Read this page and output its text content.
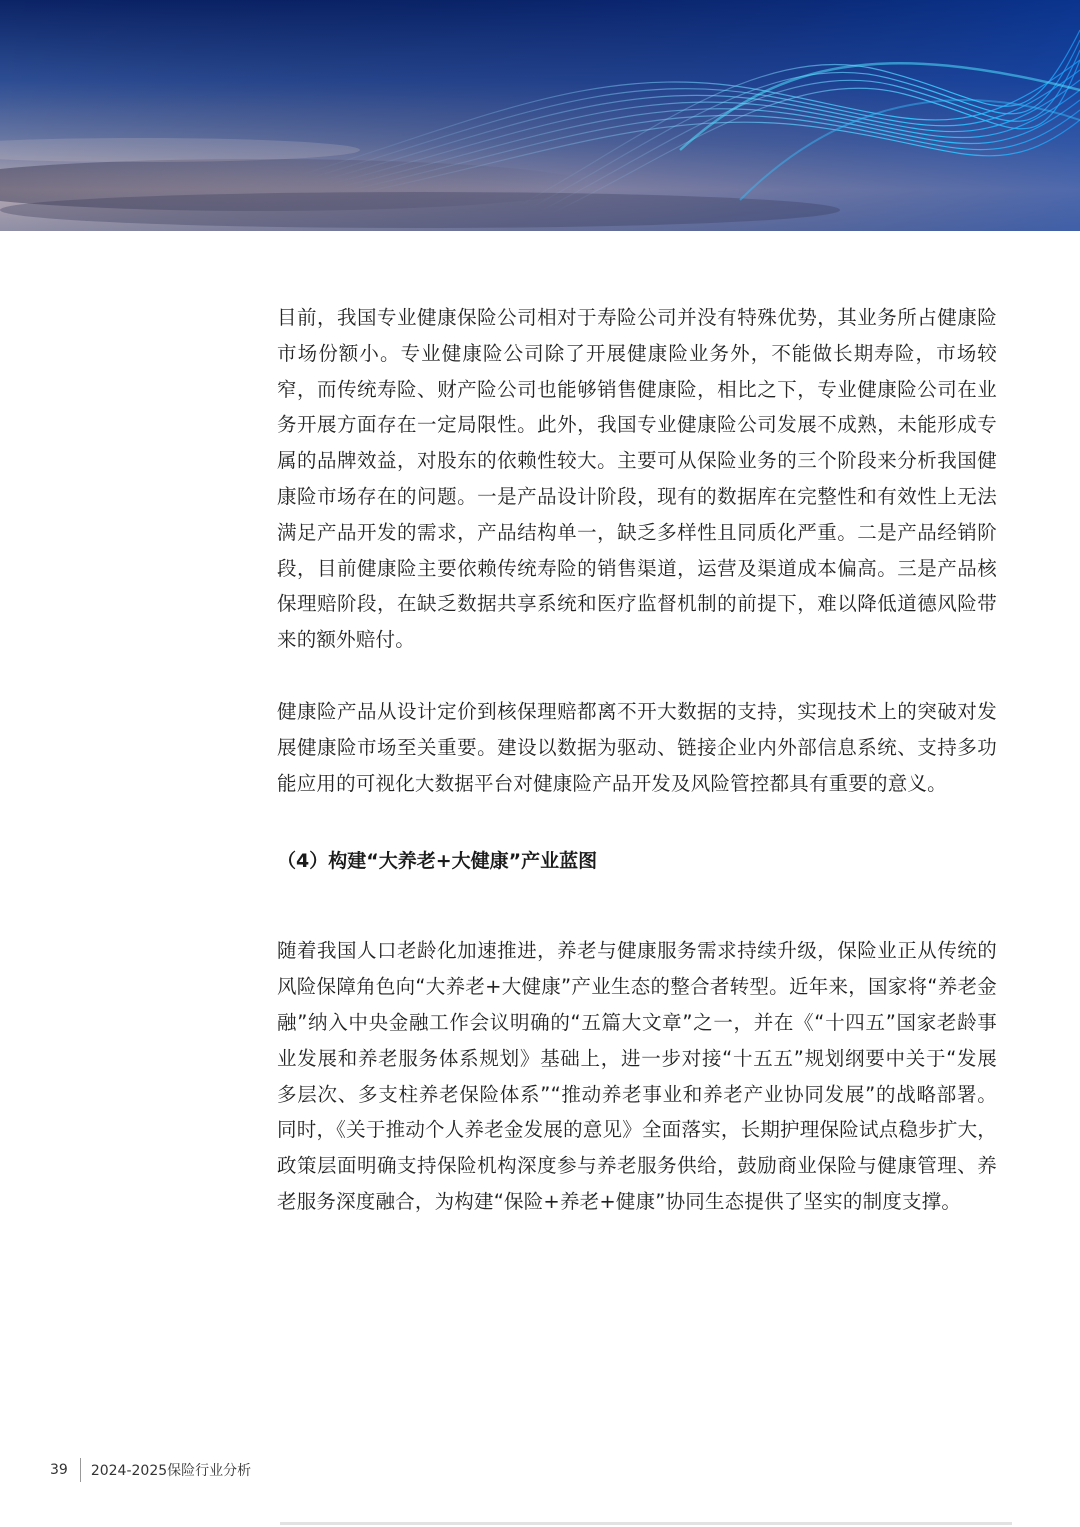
目前，我国专业健康保险公司相对于寿险公司并没有特殊优势，其业务所占健康险市场份额小。专业健康险公司除了开展健康险业务外，不能做长期寿险，市场较窄，而传统寿险、财产险公司也能够销售健康险，相比之下，专业健康险公司在业务开展方面存在一定局限性。此外，我国专业健康险公司发展不成熟，未能形成专属的品牌效益，对股东的依赖性较大。主要可从保险业务的三个阶段来分析我国健康险市场存在的问题。一是产品设计阶段，现有的数据库在完整性和有效性上无法满足产品开发的需求，产品结构单一，缺乏多样性且同质化严重。二是产品经销阶段，目前健康险主要依赖传统寿险的销售渠道，运营及渠道成本偏高。三是产品核保理赔阶段，在缺乏数据共享系统和医疗监督机制的前提下，难以降低道德风险带来的额外赔付。

健康险产品从设计定价到核保理赔都离不开大数据的支持，实现技术上的突破对发展健康险市场至关重要。建设以数据为驱动、链接企业内外部信息系统、支持多功能应用的可视化大数据平台对健康险产品开发及风险管控都具有重要的意义。

（4）构建“大养老+大健康”产业蓝图

随着我国人口老龄化加速推进，养老与健康服务需求持续升级，保险业正从传统的风险保障角色向“大养老+大健康”产业生态的整合者转型。近年来，国家将“养老金融”纳入中央金融工作会议明确的“五篇大文章”之一，并在《“十四五”国家老龄事业发展和养老服务体系规划》基础上，进一步对接“十五五”规划纲要中关于“发展多层次、多支柱养老保险体系”“推动养老事业和养老产业协同发展”的战略部署。同时，《关于推动个人养老金发展的意见》全面落实，长期护理保险试点稳步扩大，政策层面明确支持保险机构深度参与养老服务供给，鼓励商业保险与健康管理、养老服务深度融合，为构建“保险+养老+健康”协同生态提供了坚实的制度支撑。

39 2024-2025保险行业分析
